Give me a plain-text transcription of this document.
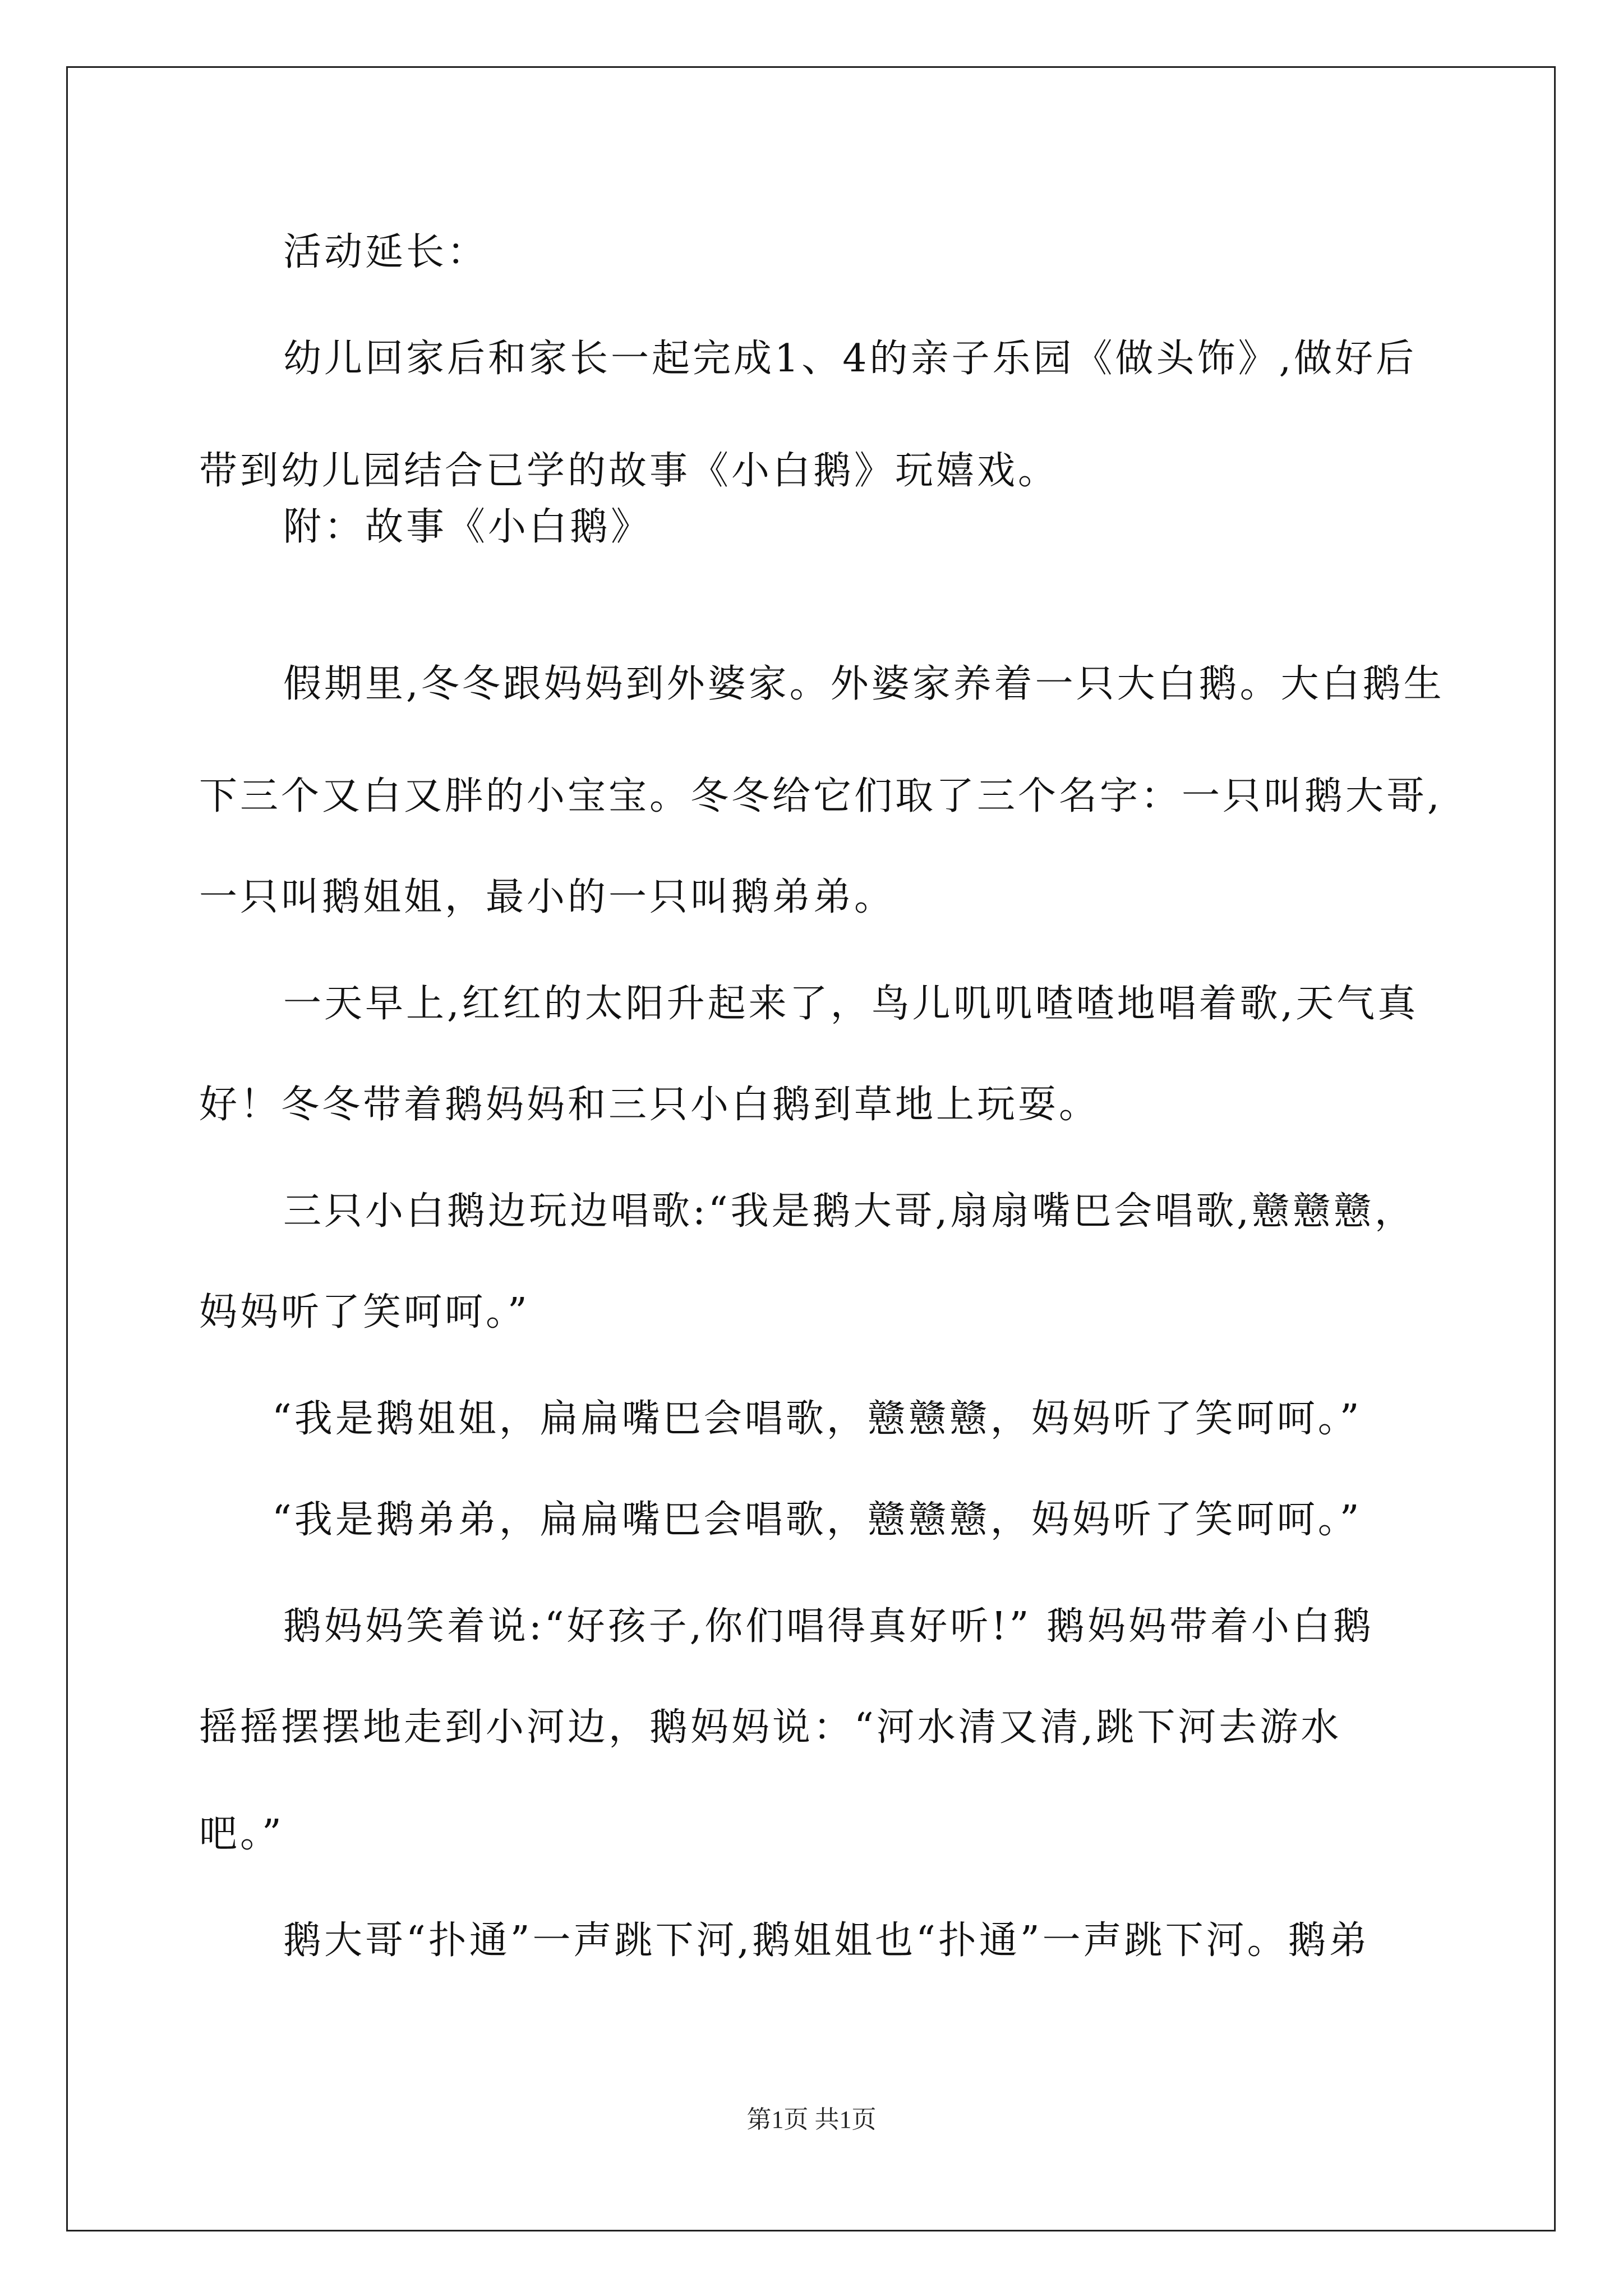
活动延长：
幼儿回家后和家长一起完成1、4的亲子乐园《做头饰》,做好后
带到幼儿园结合已学的故事《小白鹅》玩嬉戏。
附：故事《小白鹅》
假期里,冬冬跟妈妈到外婆家。外婆家养着一只大白鹅。大白鹅生
下三个又白又胖的小宝宝。冬冬给它们取了三个名字：一只叫鹅大哥,
一只叫鹅姐姐，最小的一只叫鹅弟弟。
一天早上,红红的太阳升起来了，鸟儿叽叽喳喳地唱着歌,天气真
好！冬冬带着鹅妈妈和三只小白鹅到草地上玩耍。
三只小白鹅边玩边唱歌:“我是鹅大哥,扇扇嘴巴会唱歌,戆戆戆，
妈妈听了笑呵呵。”
“我是鹅姐姐，扁扁嘴巴会唱歌，戆戆戆，妈妈听了笑呵呵。”
“我是鹅弟弟，扁扁嘴巴会唱歌，戆戆戆，妈妈听了笑呵呵。”
鹅妈妈笑着说:“好孩子,你们唱得真好听!” 鹅妈妈带着小白鹅
摇摇摆摆地走到小河边，鹅妈妈说：“河水清又清,跳下河去游水
吧。”
鹅大哥“扑通”一声跳下河,鹅姐姐也“扑通”一声跳下河。鹅弟
第1页 共1页
